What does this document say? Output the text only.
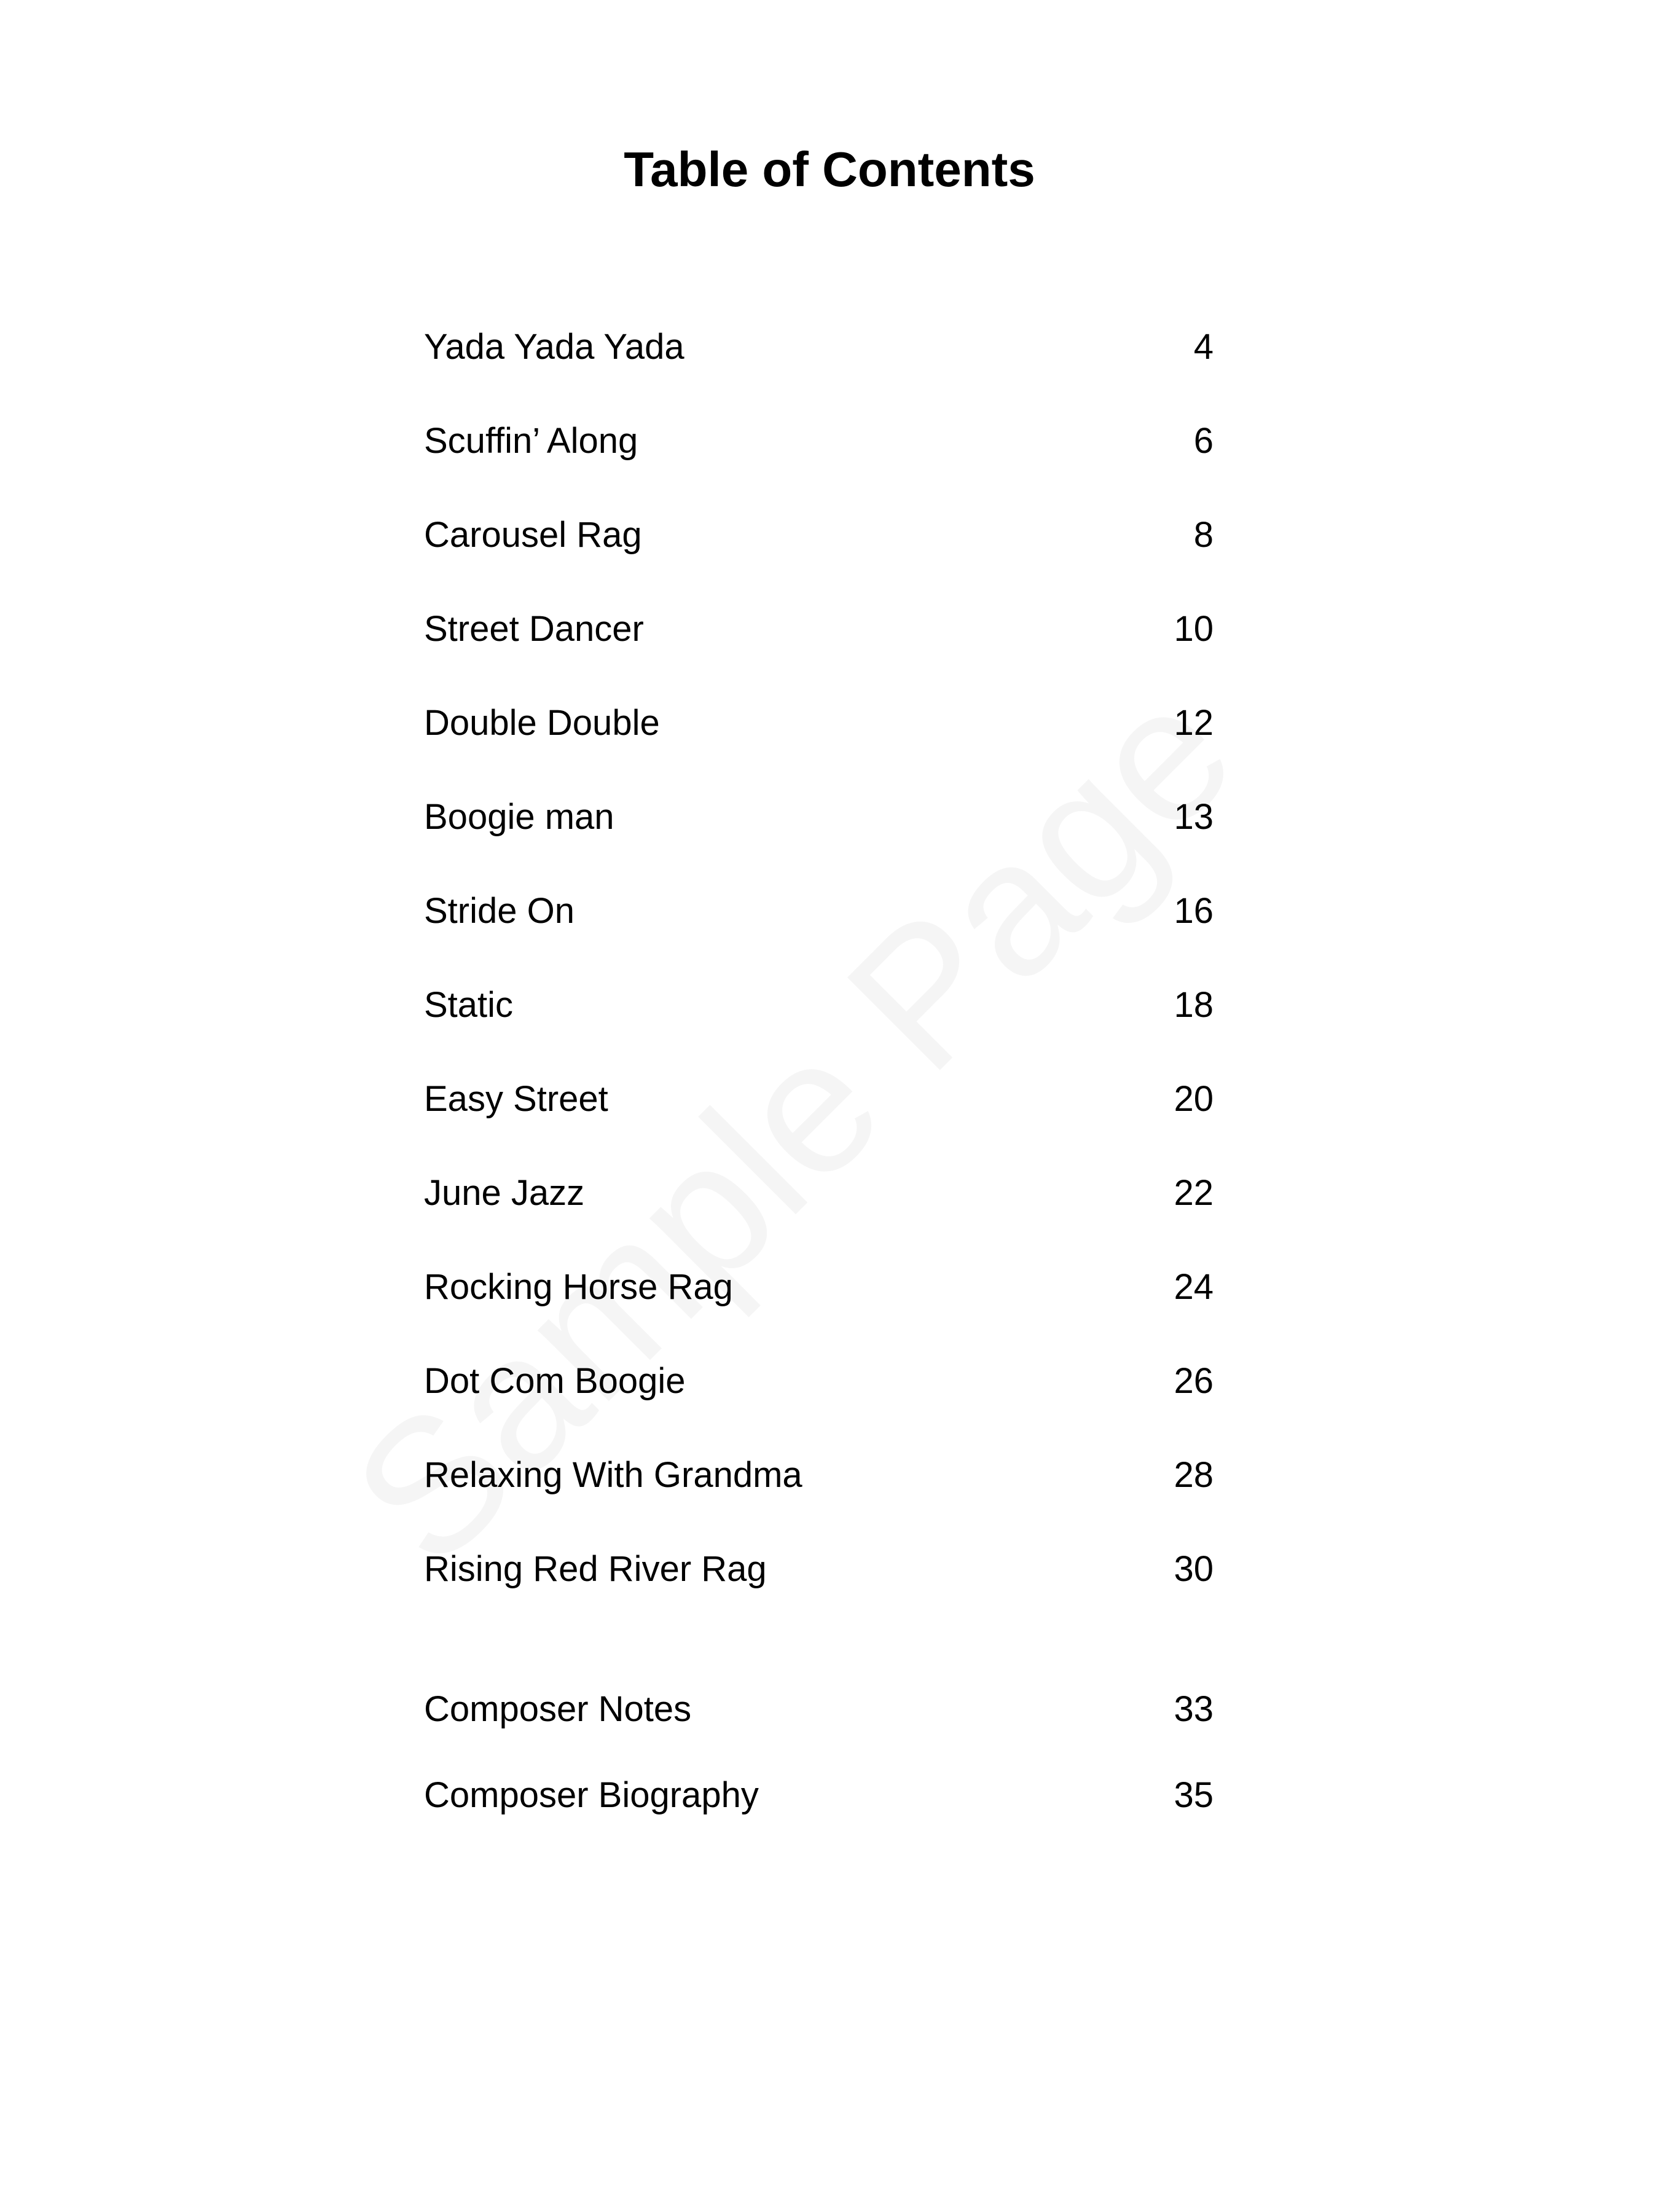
Table of Contents
Yada Yada Yada	4
Scuffin’ Along	6
Carousel Rag	8
Street Dancer	10
Double Double	12
Boogie man	13
Stride On	16
Static	18
Easy Street	20
June Jazz	22
Rocking Horse Rag	24
Dot Com Boogie	26
Relaxing With Grandma	28
Rising Red River Rag	30
Composer Notes	33
Composer Biography	35
